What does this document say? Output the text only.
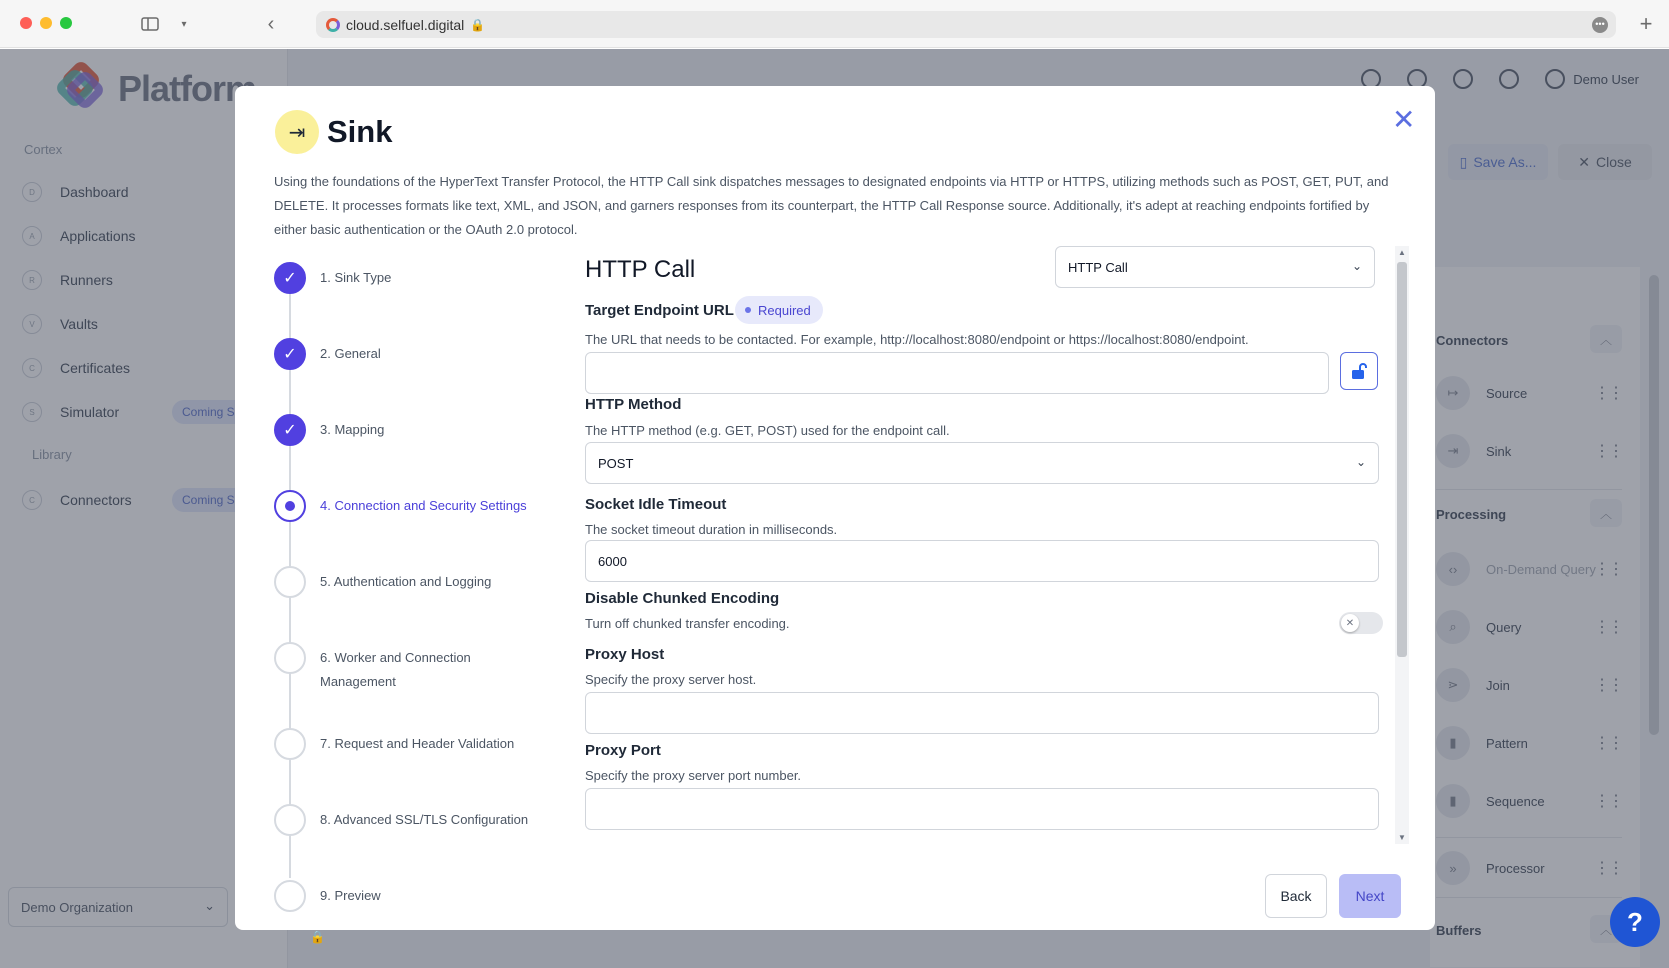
▾	‹	cloud.selfuel.digital 🔒	••• +
🔒
?
⇥ Sink	✕
Using the foundations of the HyperText Transfer Protocol, the HTTP Call sink dispatches messages to designated endpoints via HTTP or HTTPS, utilizing methods such as POST, GET, PUT, and DELETE. It processes formats like text, XML, and JSON, and garners responses from its counterpart, the HTTP Call Response source. Additionally, it's adept at reaching endpoints fortified by either basic authentication or the OAuth 2.0 protocol.
✓	1. Sink Type
✓	2. General
✓	3. Mapping
4. Connection and Security Settings
5. Authentication and Logging
6. Worker and Connection Management
7. Request and Header Validation
8. Advanced SSL/TLS Configuration
9. Preview
HTTP Call	HTTP Call	⌄
Target Endpoint URL Required
The URL that needs to be contacted. For example, http://localhost:8080/endpoint or https://localhost:8080/endpoint.
HTTP Method
The HTTP method (e.g. GET, POST) used for the endpoint call.
POST	⌄
Socket Idle Timeout
The socket timeout duration in milliseconds.
6000
Disable Chunked Encoding
Turn off chunked transfer encoding.	✕
Proxy Host
Specify the proxy server host.
Proxy Port
Specify the proxy server port number.
▲
▼
Back	Next
